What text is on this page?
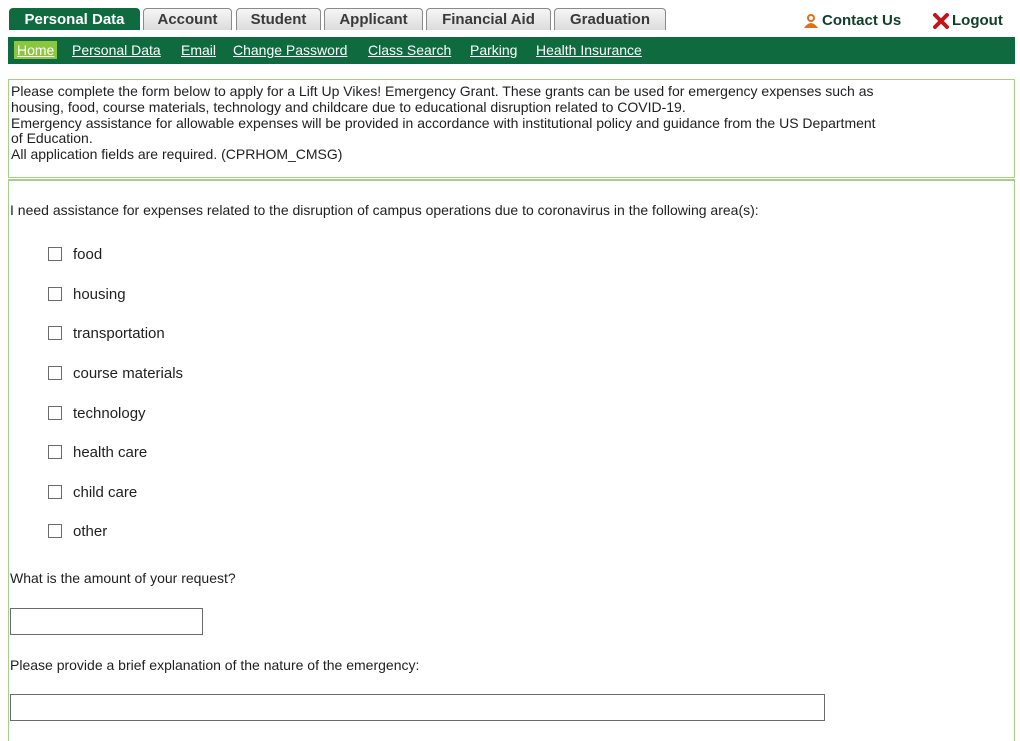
Personal Data	Account	Student	Applicant	Financial Aid	Graduation	Contact Us	Logout
Home Personal Data Email Change Password Class Search Parking Health Insurance
Please complete the form below to apply for a Lift Up Vikes! Emergency Grant. These grants can be used for emergency expenses such as
housing, food, course materials, technology and childcare due to educational disruption related to COVID-19.
Emergency assistance for allowable expenses will be provided in accordance with institutional policy and guidance from the US Department
of Education.
All application fields are required. (CPRHOM_CMSG)
I need assistance for expenses related to the disruption of campus operations due to coronavirus in the following area(s):
food
housing
transportation
course materials
technology
health care
child care
other
What is the amount of your request?
Please provide a brief explanation of the nature of the emergency:
